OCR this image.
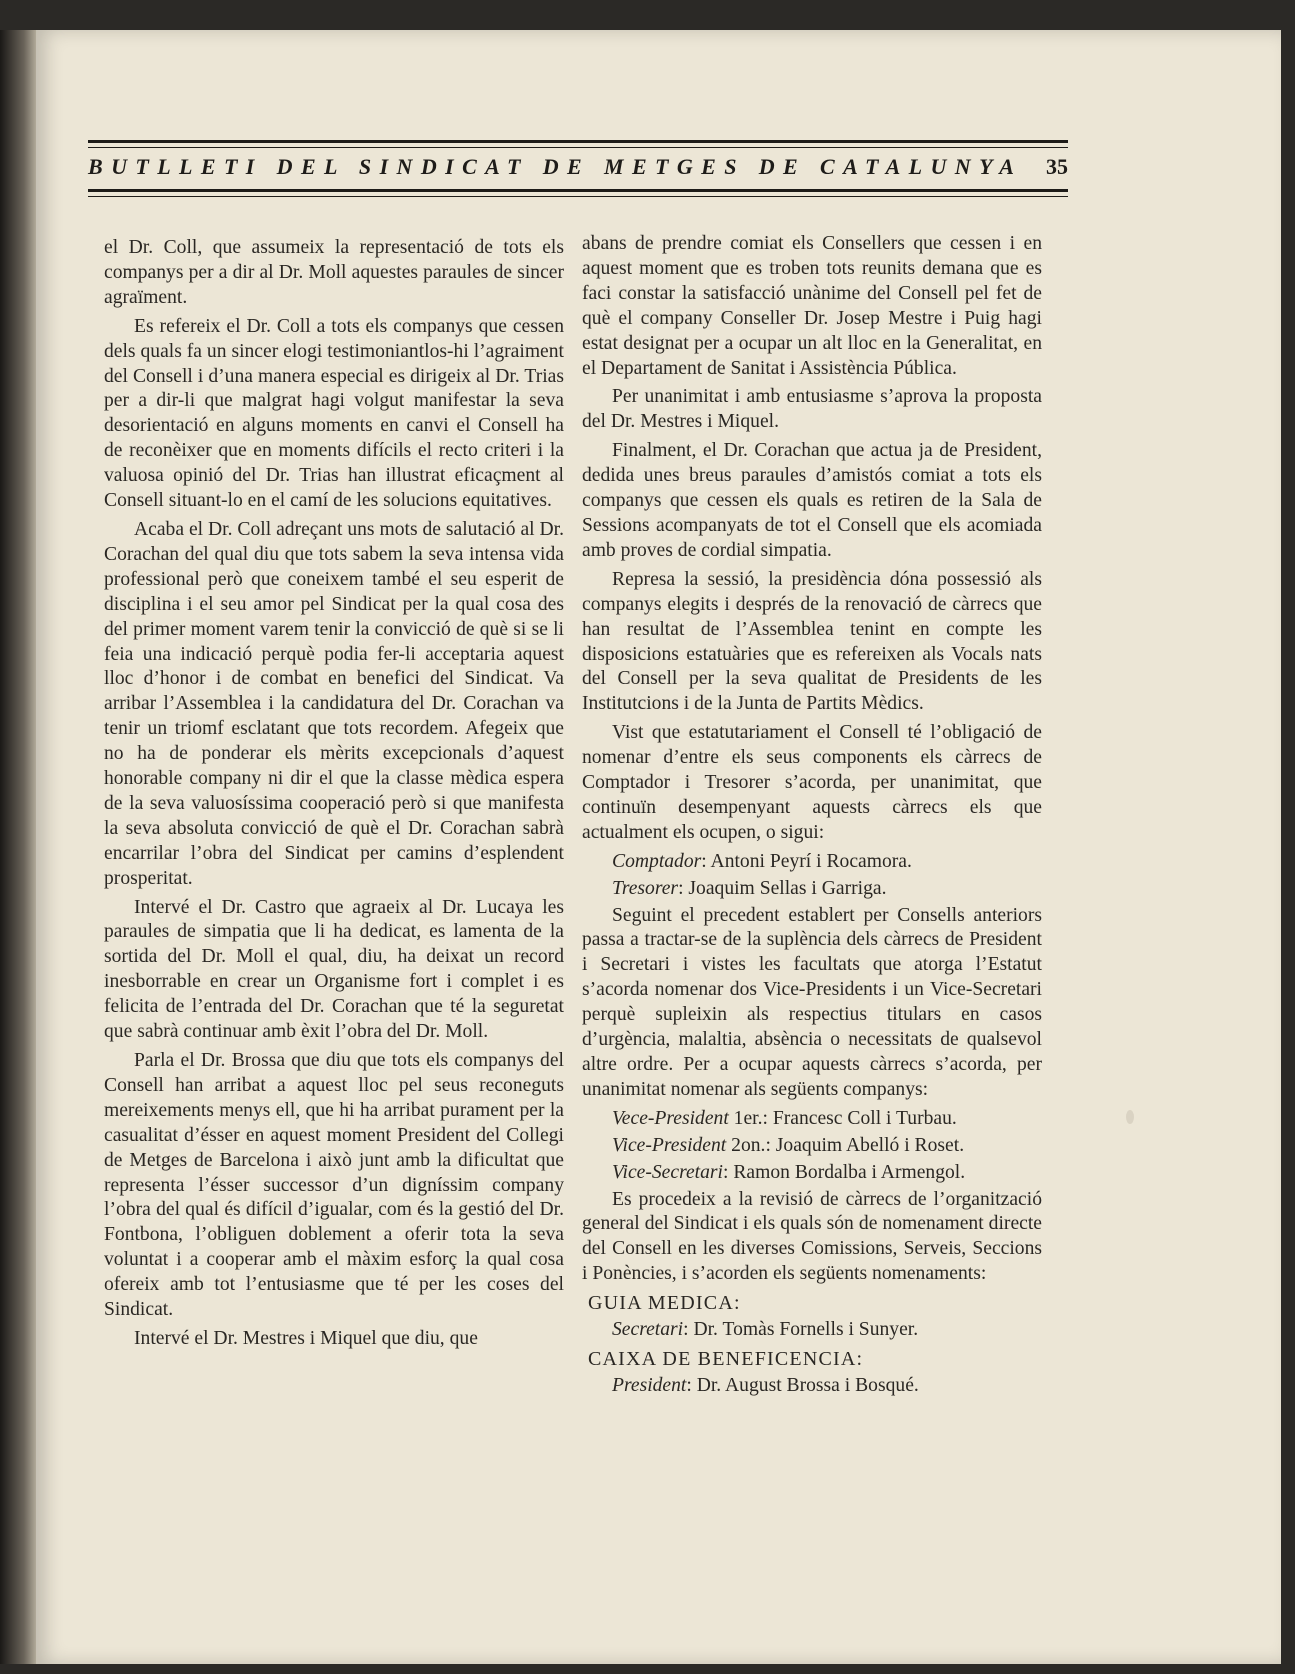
BUTLLETI DEL SINDICAT DE METGES DE CATALUNYA 35

el Dr. Coll, que assumeix la representació de tots els companys per a dir al Dr. Moll aquestes paraules de sincer agraïment.

Es refereix el Dr. Coll a tots els companys que cessen dels quals fa un sincer elogi testimoniantlos-hi l’agraiment del Consell i d’una manera especial es dirigeix al Dr. Trias per a dir-li que malgrat hagi volgut manifestar la seva desorientació en alguns moments en canvi el Consell ha de reconèixer que en moments difícils el recto criteri i la valuosa opinió del Dr. Trias han illustrat eficaçment al Consell situant-lo en el camí de les solucions equitatives.

Acaba el Dr. Coll adreçant uns mots de salutació al Dr. Corachan del qual diu que tots sabem la seva intensa vida professional però que coneixem també el seu esperit de disciplina i el seu amor pel Sindicat per la qual cosa des del primer moment varem tenir la convicció de què si se li feia una indicació perquè podia fer-li acceptaria aquest lloc d’honor i de combat en benefici del Sindicat. Va arribar l’Assemblea i la candidatura del Dr. Corachan va tenir un triomf esclatant que tots recordem. Afegeix que no ha de ponderar els mèrits excepcionals d’aquest honorable company ni dir el que la classe mèdica espera de la seva valuosíssima cooperació però si que manifesta la seva absoluta convicció de què el Dr. Corachan sabrà encarrilar l’obra del Sindicat per camins d’esplendent prosperitat.

Intervé el Dr. Castro que agraeix al Dr. Lucaya les paraules de simpatia que li ha dedicat, es lamenta de la sortida del Dr. Moll el qual, diu, ha deixat un record inesborrable en crear un Organisme fort i complet i es felicita de l’entrada del Dr. Corachan que té la seguretat que sabrà continuar amb èxit l’obra del Dr. Moll.

Parla el Dr. Brossa que diu que tots els companys del Consell han arribat a aquest lloc pel seus reconeguts mereixements menys ell, que hi ha arribat purament per la casualitat d’ésser en aquest moment President del Collegi de Metges de Barcelona i això junt amb la dificultat que representa l’ésser successor d’un digníssim company l’obra del qual és difícil d’igualar, com és la gestió del Dr. Fontbona, l’obliguen doblement a oferir tota la seva voluntat i a cooperar amb el màxim esforç la qual cosa ofereix amb tot l’entusiasme que té per les coses del Sindicat.

Intervé el Dr. Mestres i Miquel que diu, que

abans de prendre comiat els Consellers que cessen i en aquest moment que es troben tots reunits demana que es faci constar la satisfacció unànime del Consell pel fet de què el company Conseller Dr. Josep Mestre i Puig hagi estat designat per a ocupar un alt lloc en la Generalitat, en el Departament de Sanitat i Assistència Pública.

Per unanimitat i amb entusiasme s’aprova la proposta del Dr. Mestres i Miquel.

Finalment, el Dr. Corachan que actua ja de President, dedida unes breus paraules d’amistós comiat a tots els companys que cessen els quals es retiren de la Sala de Sessions acompanyats de tot el Consell que els acomiada amb proves de cordial simpatia.

Represa la sessió, la presidència dóna possessió als companys elegits i després de la renovació de càrrecs que han resultat de l’Assemblea tenint en compte les disposicions estatuàries que es refereixen als Vocals nats del Consell per la seva qualitat de Presidents de les Institutcions i de la Junta de Partits Mèdics.

Vist que estatutariament el Consell té l’obligació de nomenar d’entre els seus components els càrrecs de Comptador i Tresorer s’acorda, per unanimitat, que continuïn desempenyant aquests càrrecs els que actualment els ocupen, o sigui:

Comptador: Antoni Peyrí i Rocamora.

Tresorer: Joaquim Sellas i Garriga.

Seguint el precedent establert per Consells anteriors passa a tractar-se de la suplència dels càrrecs de President i Secretari i vistes les facultats que atorga l’Estatut s’acorda nomenar dos Vice-Presidents i un Vice-Secretari perquè supleixin als respectius titulars en casos d’urgència, malaltia, absència o necessitats de qualsevol altre ordre. Per a ocupar aquests càrrecs s’acorda, per unanimitat nomenar als següents companys:

Vece-President 1er.: Francesc Coll i Turbau.

Vice-President 2on.: Joaquim Abelló i Roset.

Vice-Secretari: Ramon Bordalba i Armengol.

Es procedeix a la revisió de càrrecs de l’organització general del Sindicat i els quals són de nomenament directe del Consell en les diverses Comissions, Serveis, Seccions i Ponències, i s’acorden els següents nomenaments:

GUIA MEDICA:

Secretari: Dr. Tomàs Fornells i Sunyer.

CAIXA DE BENEFICENCIA:

President: Dr. August Brossa i Bosqué.
